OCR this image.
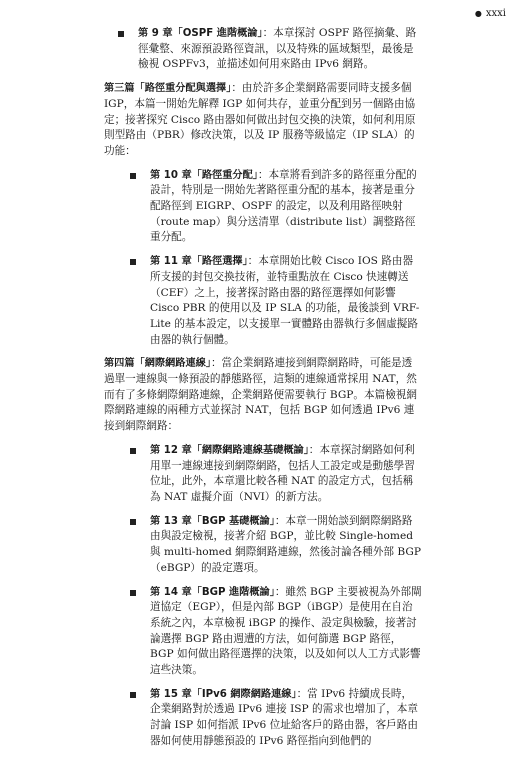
● xxxi
第 9 章「OSPF 進階概論」：本章探討 OSPF 路徑摘彙、路徑彙整、來源預設路徑資訊，以及特殊的區域類型，最後是檢視 OSPFv3，並描述如何用來路由 IPv6 網路。
第三篇「路徑重分配與選擇」：由於許多企業網路需要同時支援多個 IGP，本篇一開始先解釋 IGP 如何共存，並重分配到另一個路由協定；接著探究 Cisco 路由器如何做出封包交換的決策，如何利用原則型路由（PBR）修改決策，以及 IP 服務等級協定（IP SLA）的功能：
第 10 章「路徑重分配」：本章將看到許多的路徑重分配的設計，特別是一開始先著路徑重分配的基本，接著是重分配路徑到 EIGRP、OSPF 的設定，以及利用路徑映射（route map）與分送清單（distribute list）調整路徑重分配。
第 11 章「路徑選擇」：本章開始比較 Cisco IOS 路由器所支援的封包交換技術，並特重點放在 Cisco 快速轉送（CEF）之上，接著探討路由器的路徑選擇如何影響 Cisco PBR 的使用以及 IP SLA 的功能，最後談到 VRF-Lite 的基本設定，以支援單一實體路由器執行多個虛擬路由器的執行個體。
第四篇「網際網路連線」：當企業網路連接到網際網路時，可能是透過單一連線與一條預設的靜態路徑，這類的連線通常採用 NAT，然而有了多條網際網路連線，企業網路便需要執行 BGP。本篇檢視網際網路連線的兩種方式並探討 NAT，包括 BGP 如何透過 IPv6 連接到網際網路：
第 12 章「網際網路連線基礎概論」：本章探討網路如何利用單一連線連接到網際網路，包括人工設定或是動態學習位址，此外，本章還比較各種 NAT 的設定方式，包括稱為 NAT 虛擬介面（NVI）的新方法。
第 13 章「BGP 基礎概論」：本章一開始談到網際網路路由與設定檢視，接著介紹 BGP，並比較 Single-homed 與 multi-homed 網際網路連線，然後討論各種外部 BGP（eBGP）的設定選項。
第 14 章「BGP 進階概論」：雖然 BGP 主要被視為外部閘道協定（EGP），但是內部 BGP（iBGP）是使用在自治系統之內，本章檢視 iBGP 的操作、設定與檢驗，接著討論選擇 BGP 路由週遭的方法，如何篩選 BGP 路徑，BGP 如何做出路徑選擇的決策，以及如何以人工方式影響這些決策。
第 15 章「IPv6 網際網路連線」：當 IPv6 持續成長時，企業網路對於透過 IPv6 連接 ISP 的需求也增加了，本章討論 ISP 如何指派 IPv6 位址給客戶的路由器，客戶路由器如何使用靜態預設的 IPv6 路徑指向到他們的
